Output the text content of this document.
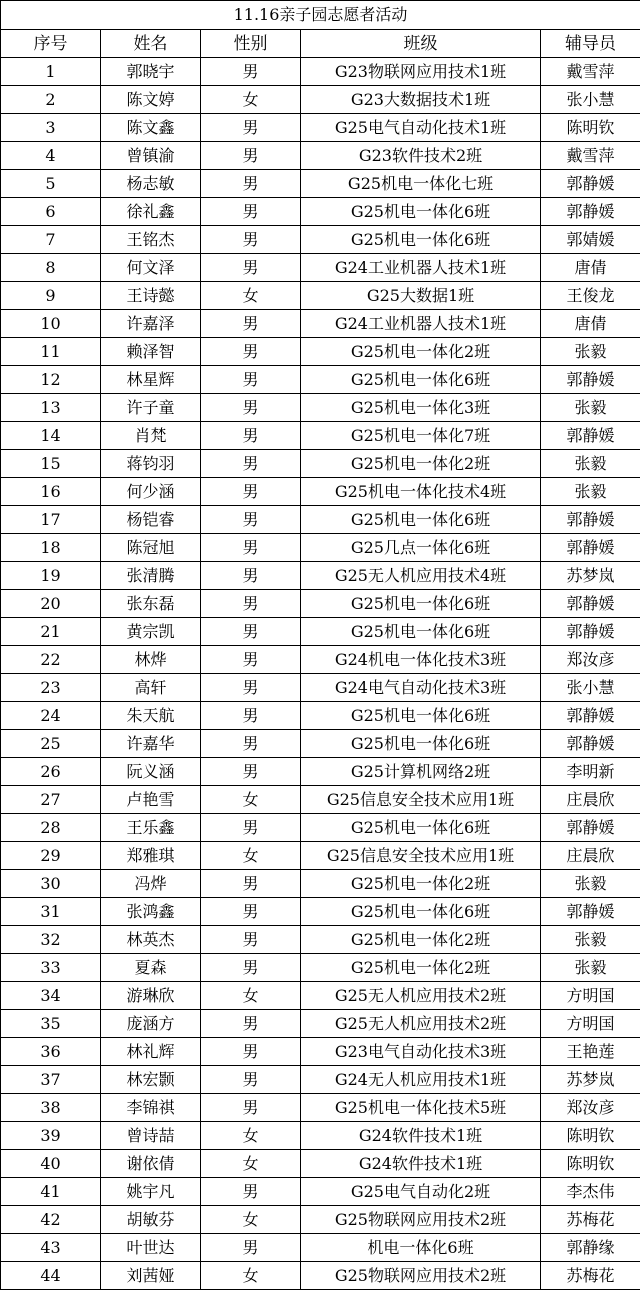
11.16亲子园志愿者活动				
序号	姓名	性别	班级	辅导员
1	郭晓宇	男	G23物联网应用技术1班	戴雪萍
2	陈文婷	女	G23大数据技术1班	张小慧
3	陈文鑫	男	G25电气自动化技术1班	陈明钦
4	曾镇渝	男	G23软件技术2班	戴雪萍
5	杨志敏	男	G25机电一体化七班	郭静媛
6	徐礼鑫	男	G25机电一体化6班	郭静媛
7	王铭杰	男	G25机电一体化6班	郭婧媛
8	何文泽	男	G24工业机器人技术1班	唐倩
9	王诗懿	女	G25大数据1班	王俊龙
10	许嘉泽	男	G24工业机器人技术1班	唐倩
11	赖泽智	男	G25机电一体化2班	张毅
12	林星辉	男	G25机电一体化6班	郭静媛
13	许子童	男	G25机电一体化3班	张毅
14	肖梵	男	G25机电一体化7班	郭静媛
15	蒋钧羽	男	G25机电一体化2班	张毅
16	何少涵	男	G25机电一体化技术4班	张毅
17	杨铠睿	男	G25机电一体化6班	郭静媛
18	陈冠旭	男	G25几点一体化6班	郭静媛
19	张清腾	男	G25无人机应用技术4班	苏梦岚
20	张东磊	男	G25机电一体化6班	郭静媛
21	黄宗凯	男	G25机电一体化6班	郭静媛
22	林烨	男	G24机电一体化技术3班	郑汝彦
23	高轩	男	G24电气自动化技术3班	张小慧
24	朱天航	男	G25机电一体化6班	郭静媛
25	许嘉华	男	G25机电一体化6班	郭静媛
26	阮义涵	男	G25计算机网络2班	李明新
27	卢艳雪	女	G25信息安全技术应用1班	庄晨欣
28	王乐鑫	男	G25机电一体化6班	郭静媛
29	郑雅琪	女	G25信息安全技术应用1班	庄晨欣
30	冯烨	男	G25机电一体化2班	张毅
31	张鸿鑫	男	G25机电一体化6班	郭静媛
32	林英杰	男	G25机电一体化2班	张毅
33	夏森	男	G25机电一体化2班	张毅
34	游琳欣	女	G25无人机应用技术2班	方明国
35	庞涵方	男	G25无人机应用技术2班	方明国
36	林礼辉	男	G23电气自动化技术3班	王艳莲
37	林宏颢	男	G24无人机应用技术1班	苏梦岚
38	李锦祺	男	G25机电一体化技术5班	郑汝彦
39	曾诗喆	女	G24软件技术1班	陈明钦
40	谢依倩	女	G24软件技术1班	陈明钦
41	姚宇凡	男	G25电气自动化2班	李杰伟
42	胡敏芬	女	G25物联网应用技术2班	苏梅花
43	叶世达	男	机电一体化6班	郭静缘
44	刘茜娅	女	G25物联网应用技术2班	苏梅花
